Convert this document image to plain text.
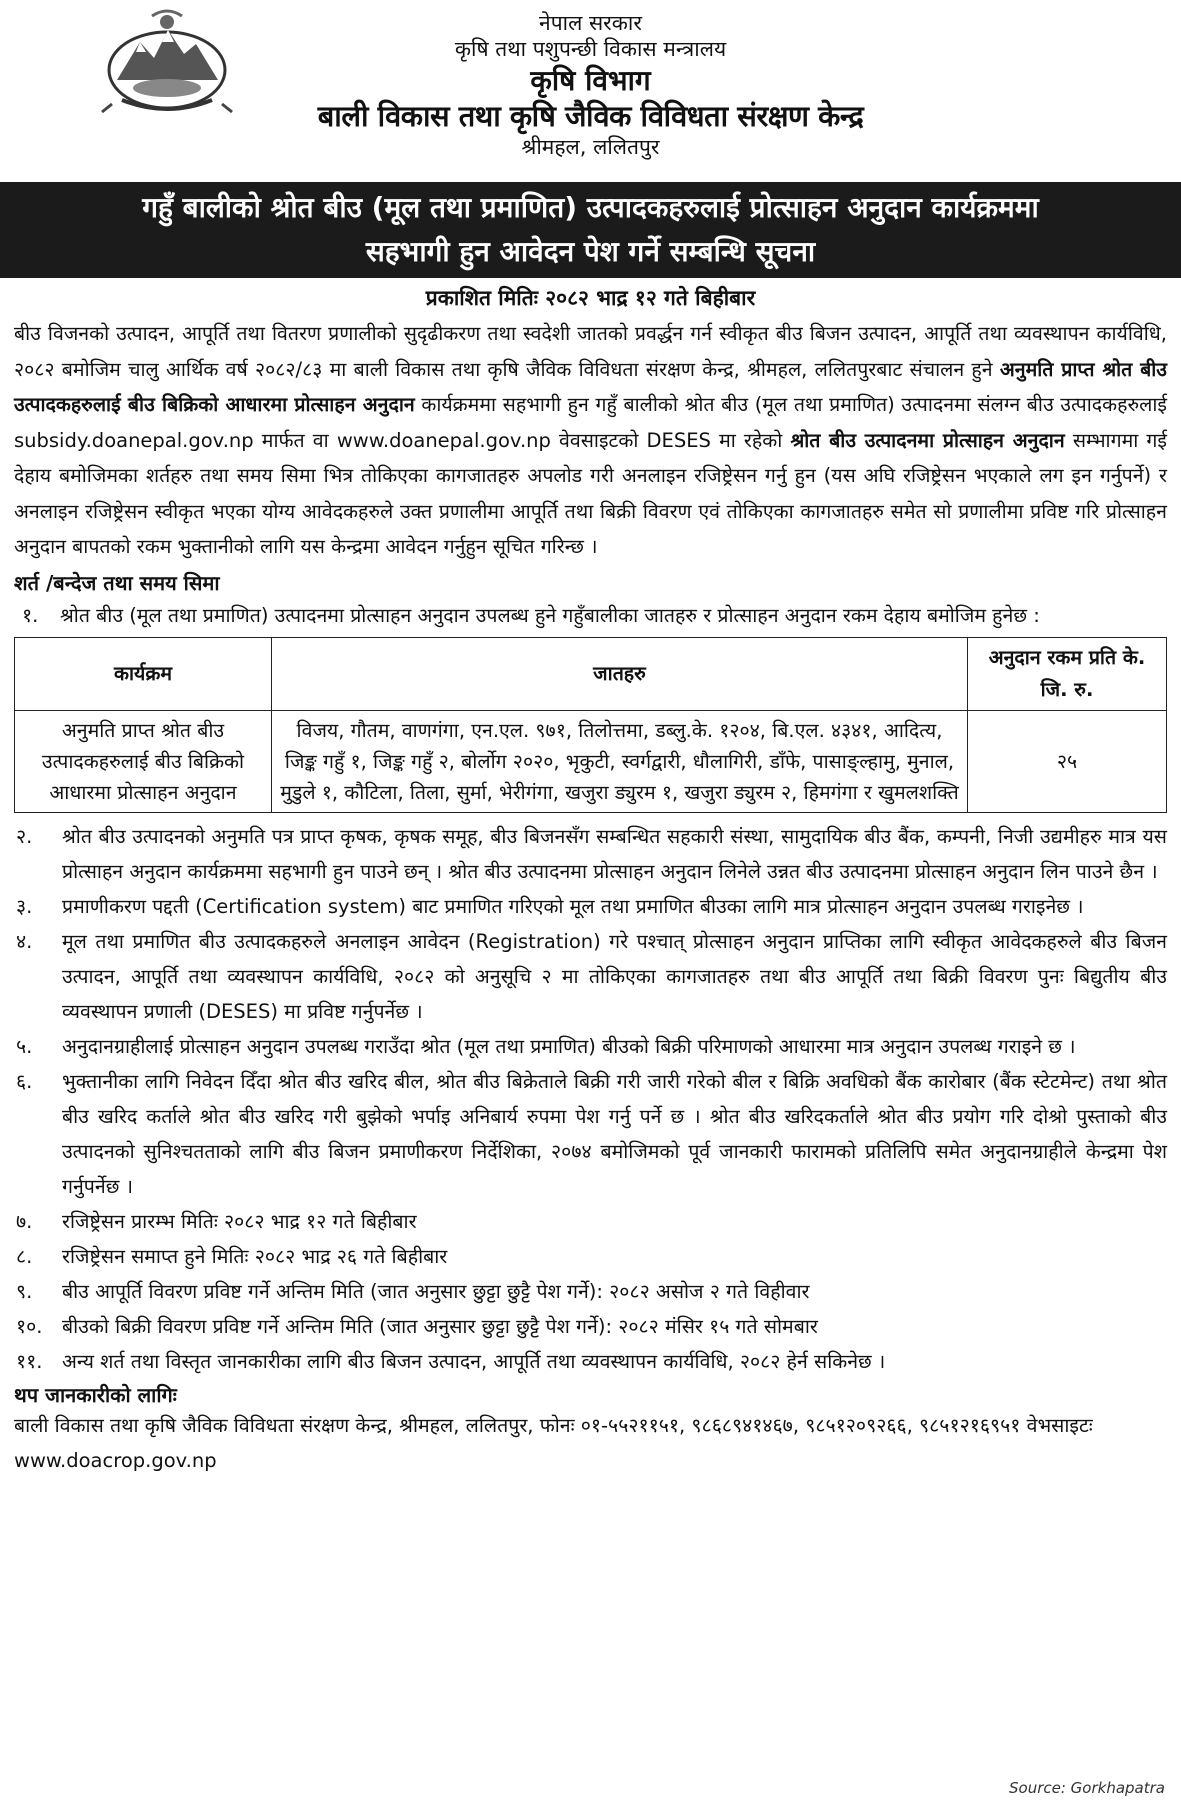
नेपाल सरकार
कृषि तथा पशुपन्छी विकास मन्त्रालय
कृषि विभाग
बाली विकास तथा कृषि जैविक विविधता संरक्षण केन्द्र
श्रीमहल, ललितपुर
गहुँ बालीको श्रोत बीउ (मूल तथा प्रमाणित) उत्पादकहरुलाई प्रोत्साहन अनुदान कार्यक्रममा
सहभागी हुन आवेदन पेश गर्ने सम्बन्धि सूचना
प्रकाशित मितिः २०८२ भाद्र १२ गते बिहीबार

बीउ विजनको उत्पादन, आपूर्ति तथा वितरण प्रणालीको सुदृढीकरण तथा स्वदेशी जातको प्रवर्द्धन गर्न स्वीकृत बीउ बिजन उत्पादन, आपूर्ति तथा व्यवस्थापन कार्यविधि, २०८२ बमोजिम चालु आर्थिक वर्ष २०८२/८३ मा बाली विकास तथा कृषि जैविक विविधता संरक्षण केन्द्र, श्रीमहल, ललितपुरबाट संचालन हुने अनुमति प्राप्त श्रोत बीउ उत्पादकहरुलाई बीउ बिक्रिको आधारमा प्रोत्साहन अनुदान कार्यक्रममा सहभागी हुन गहुँ बालीको श्रोत बीउ (मूल तथा प्रमाणित) उत्पादनमा संलग्न बीउ उत्पादकहरुलाई subsidy.doanepal.gov.np मार्फत वा www.doanepal.gov.np वेवसाइटको DESES मा रहेको श्रोत बीउ उत्पादनमा प्रोत्साहन अनुदान सम्भागमा गई देहाय बमोजिमका शर्तहरु तथा समय सिमा भित्र तोकिएका कागजातहरु अपलोड गरी अनलाइन रजिष्ट्रेसन गर्नु हुन (यस अघि रजिष्ट्रेसन भएकाले लग इन गर्नुपर्ने) र अनलाइन रजिष्ट्रेसन स्वीकृत भएका योग्य आवेदकहरुले उक्त प्रणालीमा आपूर्ति तथा बिक्री विवरण एवं तोकिएका कागजातहरु समेत सो प्रणालीमा प्रविष्ट गरि प्रोत्साहन अनुदान बापतको रकम भुक्तानीको लागि यस केन्द्रमा आवेदन गर्नुहुन सूचित गरिन्छ ।

शर्त /बन्देज तथा समय सिमा
१.	श्रोत बीउ (मूल तथा प्रमाणित) उत्पादनमा प्रोत्साहन अनुदान उपलब्ध हुने गहुँबालीका जातहरु र प्रोत्साहन अनुदान रकम देहाय बमोजिम हुनेछ :
कार्यक्रम	जातहरु	अनुदान रकम प्रति के. जि. रु.
अनुमति प्राप्त श्रोत बीउ उत्पादकहरुलाई बीउ बिक्रिको आधारमा प्रोत्साहन अनुदान	विजय, गौतम, वाणगंगा, एन.एल. ९७१, तिलोत्तमा, डब्लु.के. १२०४, बि.एल. ४३४१, आदित्य, जिङ्क गहुँ १, जिङ्क गहुँ २, बोर्लोग २०२०, भृकुटी, स्वर्गद्वारी, धौलागिरी, डाँफे, पासाङ्ल्हामु, मुनाल, मुडुले १, कौटिला, तिला, सुर्मा, भेरीगंगा, खजुरा ड्युरम १, खजुरा ड्युरम २, हिमगंगा र खुमलशक्ति	२५
२.	श्रोत बीउ उत्पादनको अनुमति पत्र प्राप्त कृषक, कृषक समूह, बीउ बिजनसँग सम्बन्धित सहकारी संस्था, सामुदायिक बीउ बैंक, कम्पनी, निजी उद्यमीहरु मात्र यस प्रोत्साहन अनुदान कार्यक्रममा सहभागी हुन पाउने छन् । श्रोत बीउ उत्पादनमा प्रोत्साहन अनुदान लिनेले उन्नत बीउ उत्पादनमा प्रोत्साहन अनुदान लिन पाउने छैन ।
३.	प्रमाणीकरण पद्दती (Certification system) बाट प्रमाणित गरिएको मूल तथा प्रमाणित बीउका लागि मात्र प्रोत्साहन अनुदान उपलब्ध गराइनेछ ।
४.	मूल तथा प्रमाणित बीउ उत्पादकहरुले अनलाइन आवेदन (Registration) गरे पश्चात् प्रोत्साहन अनुदान प्राप्तिका लागि स्वीकृत आवेदकहरुले बीउ बिजन उत्पादन, आपूर्ति तथा व्यवस्थापन कार्यविधि, २०८२ को अनुसूचि २ मा तोकिएका कागजातहरु तथा बीउ आपूर्ति तथा बिक्री विवरण पुनः बिद्युतीय बीउ व्यवस्थापन प्रणाली (DESES) मा प्रविष्ट गर्नुपर्नेछ ।
५.	अनुदानग्राहीलाई प्रोत्साहन अनुदान उपलब्ध गराउँदा श्रोत (मूल तथा प्रमाणित) बीउको बिक्री परिमाणको आधारमा मात्र अनुदान उपलब्ध गराइने छ ।
६.	भुक्तानीका लागि निवेदन दिँदा श्रोत बीउ खरिद बील, श्रोत बीउ बिक्रेताले बिक्री गरी जारी गरेको बील र बिक्रि अवधिको बैंक कारोबार (बैंक स्टेटमेन्ट) तथा श्रोत बीउ खरिद कर्ताले श्रोत बीउ खरिद गरी बुझेको भर्पाइ अनिबार्य रुपमा पेश गर्नु पर्ने छ । श्रोत बीउ खरिदकर्ताले श्रोत बीउ प्रयोग गरि दोश्रो पुस्ताको बीउ उत्पादनको सुनिश्चतताको लागि बीउ बिजन प्रमाणीकरण निर्देशिका, २०७४ बमोजिमको पूर्व जानकारी फारामको प्रतिलिपि समेत अनुदानग्राहीले केन्द्रमा पेश गर्नुपर्नेछ ।
७.	रजिष्ट्रेसन प्रारम्भ मितिः २०८२ भाद्र १२ गते बिहीबार
८.	रजिष्ट्रेसन समाप्त हुने मितिः २०८२ भाद्र २६ गते बिहीबार
९.	बीउ आपूर्ति विवरण प्रविष्ट गर्ने अन्तिम मिति (जात अनुसार छुट्टा छुट्टै पेश गर्ने): २०८२ असोज २ गते विहीवार
१०.	बीउको बिक्री विवरण प्रविष्ट गर्ने अन्तिम मिति (जात अनुसार छुट्टा छुट्टै पेश गर्ने): २०८२ मंसिर १५ गते सोमबार
११.	अन्य शर्त तथा विस्तृत जानकारीका लागि बीउ बिजन उत्पादन, आपूर्ति तथा व्यवस्थापन कार्यविधि, २०८२ हेर्न सकिनेछ ।
थप जानकारीको लागिः
बाली विकास तथा कृषि जैविक विविधता संरक्षण केन्द्र, श्रीमहल, ललितपुर, फोनः ०१-५५२११५१, ९८६८९४१४६७, ९८५१२०९२६६, ९८५१२१६९५१ वेभसाइटः www.doacrop.gov.np
Source: Gorkhapatra
